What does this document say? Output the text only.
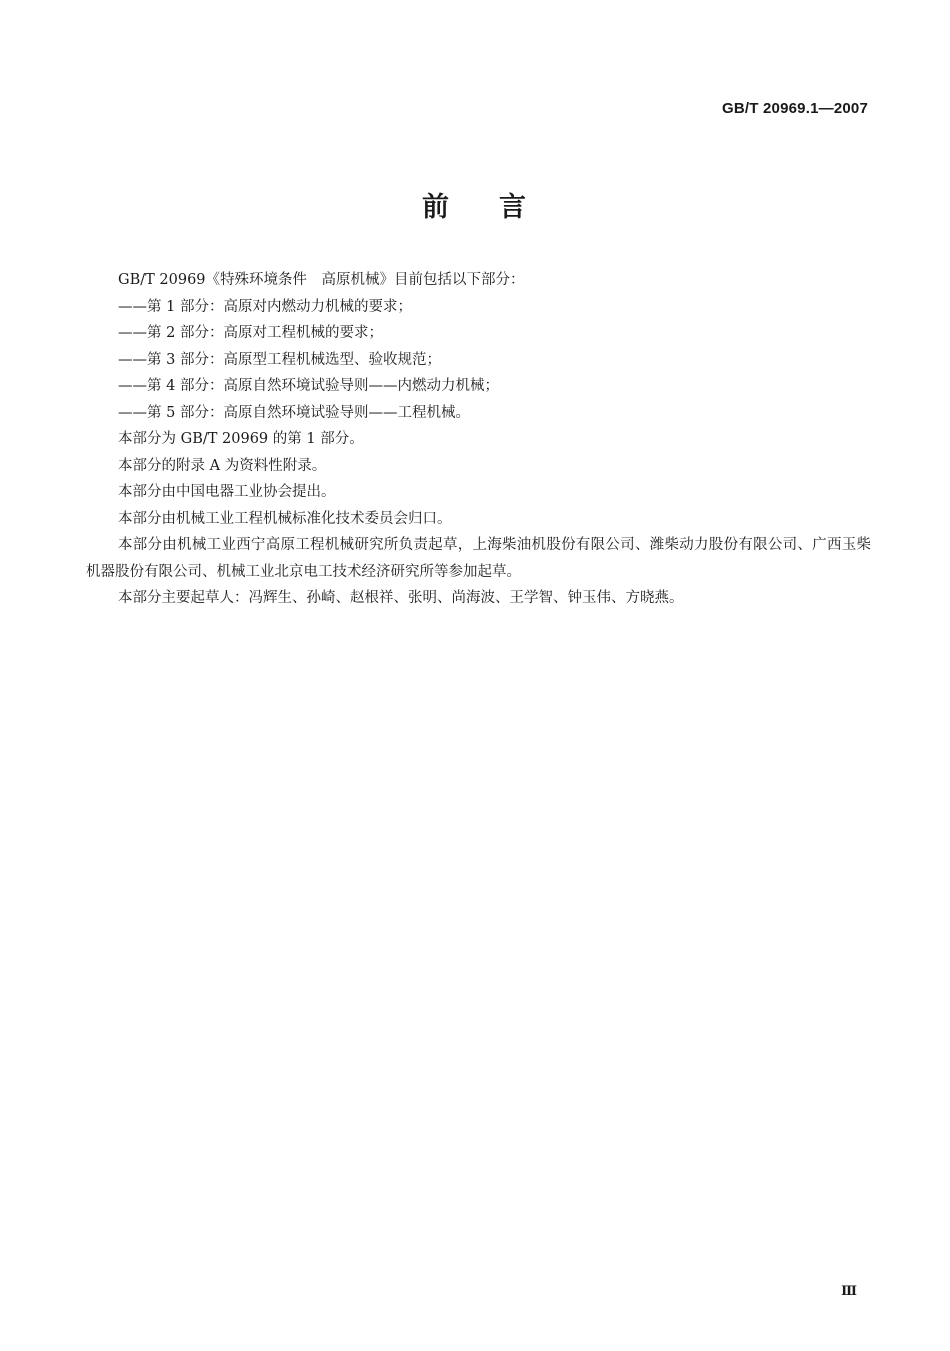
GB/T 20969.1—2007
前 言

GB/T 20969《特殊环境条件　高原机械》目前包括以下部分：

——第 1 部分：高原对内燃动力机械的要求；

——第 2 部分：高原对工程机械的要求；

——第 3 部分：高原型工程机械选型、验收规范；

——第 4 部分：高原自然环境试验导则——内燃动力机械；

——第 5 部分：高原自然环境试验导则——工程机械。

本部分为 GB/T 20969 的第 1 部分。

本部分的附录 A 为资料性附录。

本部分由中国电器工业协会提出。

本部分由机械工业工程机械标准化技术委员会归口。

本部分由机械工业西宁高原工程机械研究所负责起草，上海柴油机股份有限公司、潍柴动力股份有限公司、广西玉柴机器股份有限公司、机械工业北京电工技术经济研究所等参加起草。

本部分主要起草人：冯辉生、孙崎、赵根祥、张明、尚海波、王学智、钟玉伟、方晓燕。

Ⅲ
